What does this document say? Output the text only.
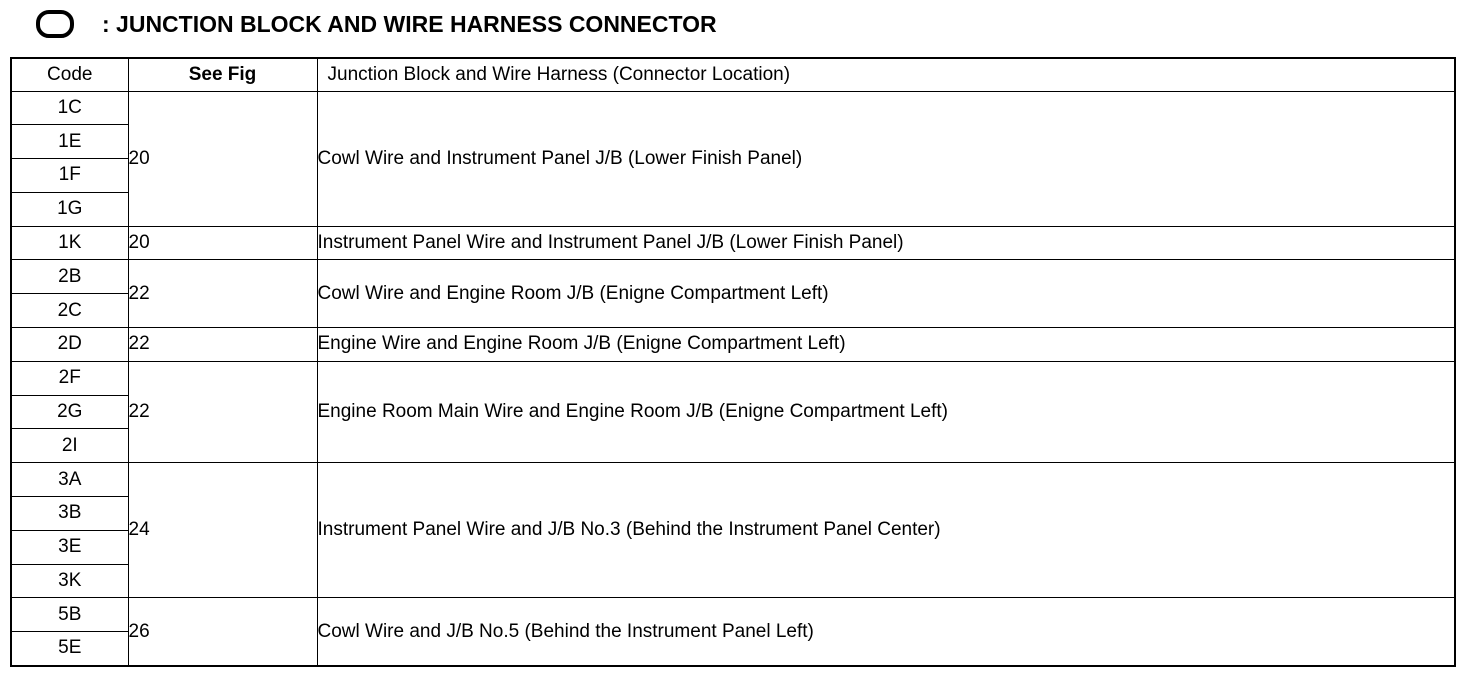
: JUNCTION BLOCK AND WIRE HARNESS CONNECTOR
Code	See Fig	Junction Block and Wire Harness (Connector Location)
1C	20	Cowl Wire and Instrument Panel J/B (Lower Finish Panel)
1E		
1F		
1G		
1K	20	Instrument Panel Wire and Instrument Panel J/B (Lower Finish Panel)
2B	22	Cowl Wire and Engine Room J/B (Enigne Compartment Left)
2C		
2D	22	Engine Wire and Engine Room J/B (Enigne Compartment Left)
2F	22	Engine Room Main Wire and Engine Room J/B (Enigne Compartment Left)
2G		
2I		
3A	24	Instrument Panel Wire and J/B No.3 (Behind the Instrument Panel Center)
3B		
3E		
3K		
5B	26	Cowl Wire and J/B No.5 (Behind the Instrument Panel Left)
5E		
